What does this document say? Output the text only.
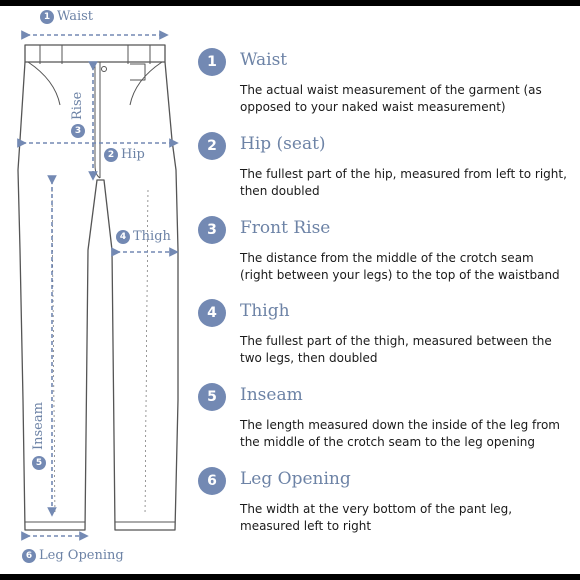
1 Waist
2 Hip
3Rise
4 Thigh
5Inseam
6 Leg Opening
1	Waist
The actual waist measurement of the garment (as opposed to your naked waist measurement)
2	Hip (seat)
The fullest part of the hip, measured from left to right, then doubled
3	Front Rise
The distance from the middle of the crotch seam (right between your legs) to the top of the waistband
4	Thigh
The fullest part of the thigh, measured between the two legs, then doubled
5	Inseam
The length measured down the inside of the leg from the middle of the crotch seam to the leg opening
6	Leg Opening
The width at the very bottom of the pant leg, measured left to right
